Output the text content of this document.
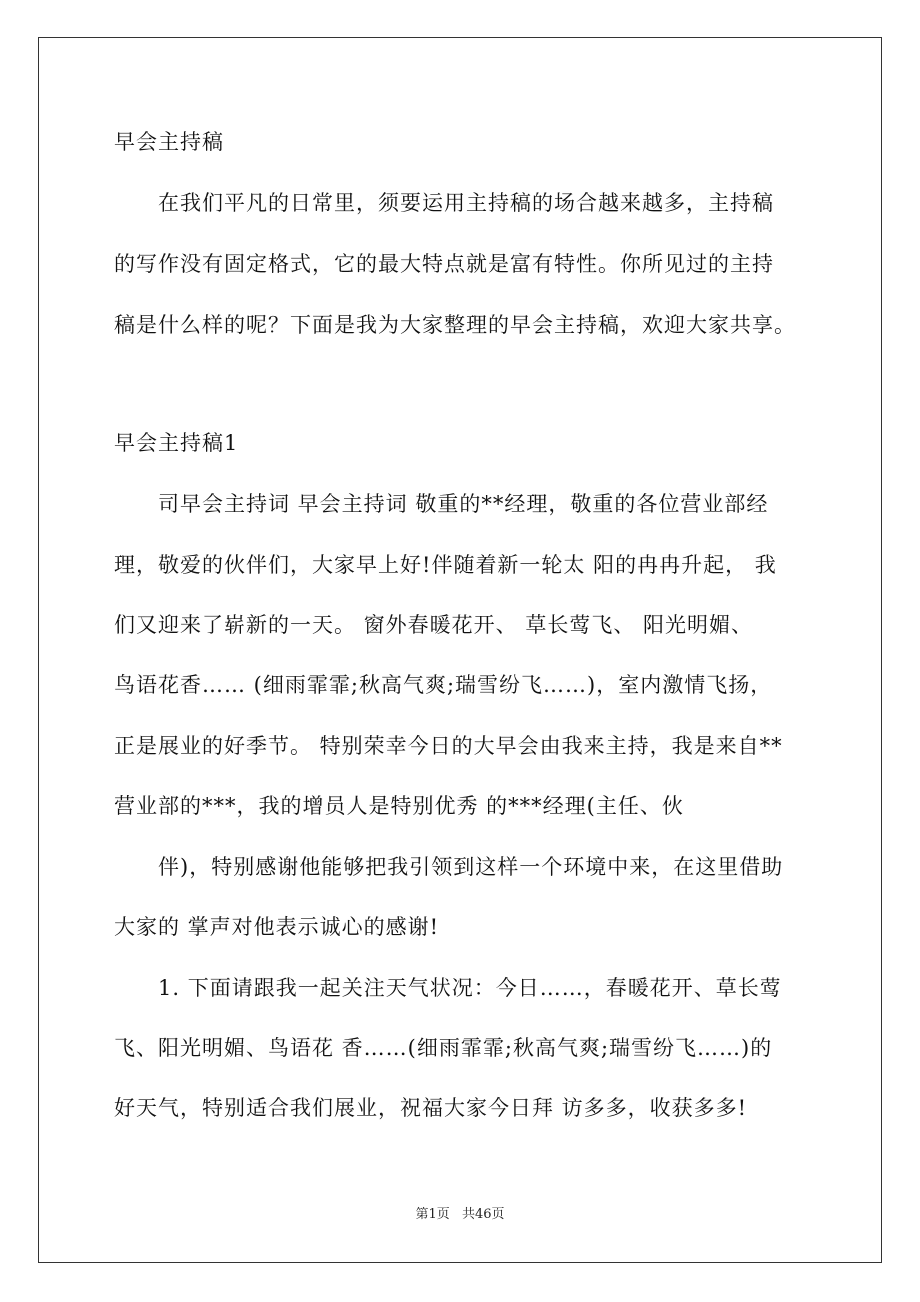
早会主持稿
在我们平凡的日常里，须要运用主持稿的场合越来越多，主持稿
的写作没有固定格式，它的最大特点就是富有特性。你所见过的主持
稿是什么样的呢？下面是我为大家整理的早会主持稿，欢迎大家共享。
早会主持稿1
司早会主持词 早会主持词 敬重的**经理，敬重的各位营业部经
理，敬爱的伙伴们，大家早上好!伴随着新一轮太 阳的冉冉升起， 我
们又迎来了崭新的一天。 窗外春暖花开、 草长莺飞、 阳光明媚、
鸟语花香…… (细雨霏霏;秋高气爽;瑞雪纷飞……)，室内激情飞扬，
正是展业的好季节。 特别荣幸今日的大早会由我来主持，我是来自**
营业部的***，我的增员人是特别优秀 的***经理(主任、伙
伴)，特别感谢他能够把我引领到这样一个环境中来，在这里借助
大家的 掌声对他表示诚心的感谢!
1. 下面请跟我一起关注天气状况：今日……，春暖花开、草长莺
飞、阳光明媚、鸟语花 香……(细雨霏霏;秋高气爽;瑞雪纷飞……)的
好天气，特别适合我们展业，祝福大家今日拜 访多多，收获多多!
第1页 共46页
